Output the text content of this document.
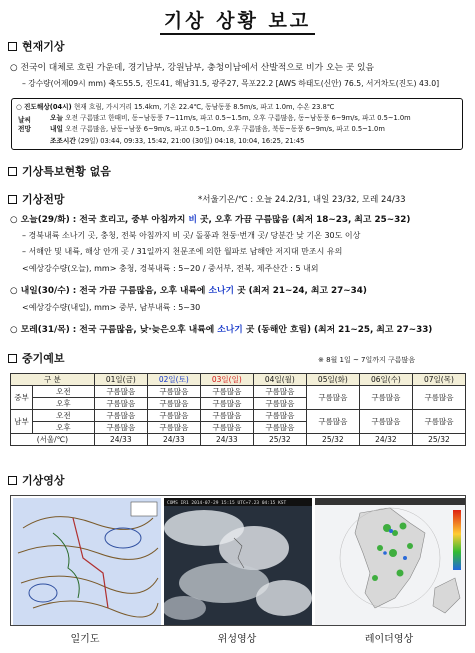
기상 상황 보고
현재기상
○ 전국이 대체로 흐린 가운데, 경기남부, 강원남부, 충청이남에서 산발적으로 비가 오는 곳 있음
– 강수량(어제09시 mm) 축도55.5, 진도41, 해남31.5, 광주27, 목포22.2 [AWS 하태도(신안) 76.5, 서거차도(진도) 43.0]
○ 진도해상(04시) 현재 흐림, 가시거리 15.4km, 기온 22.4℃, 동남동풍 8.5m/s, 파고 1.0m, 수온 23.8℃
날씨
전망
오늘 오전 구름많고 한때비, 동~남동풍 7~11m/s, 파고 0.5~1.5m, 오후 구름많음, 동~남동풍 6~9m/s, 파고 0.5~1.0m
내일 오전 구름많음, 남동~남풍 6~9m/s, 파고 0.5~1.0m, 오후 구름많음, 북동~동풍 6~9m/s, 파고 0.5~1.0m
조조시간 (29일) 03:44, 09:33, 15:42, 21:00 (30일) 04:18, 10:04, 16:25, 21:45
기상특보현황 없음
기상전망	*서울기온/℃ : 오늘 24.2/31, 내일 23/32, 모레 24/33
○ 오늘(29/화) : 전국 흐리고, 중부 아침까지 비 곳, 오후 가끔 구름많음 (최저 18~23, 최고 25~32)
– 경북내륙 소나기 곳, 충청, 전북 아침까지 비 곳/ 돌풍과 천둥·번개 곳/ 당분간 낮 기온 30도 이상
– 서해안 및 내륙, 해상 안개 곳 / 31일까지 천문조에 의한 월파로 남해안 저지대 만조시 유의
<예상강수량(오늘), mm> 충청, 경북내륙 : 5~20 / 중서부, 전북, 제주산간 : 5 내외
○ 내일(30/수) : 전국 가끔 구름많음, 오후 내륙에 소나기 곳 (최저 21~24, 최고 27~34)
<예상강수량(내일), mm> 중부, 남부내륙 : 5~30
○ 모레(31/목) : 전국 구름많음, 낮·늦은오후 내륙에 소나기 곳 (동해안 흐림) (최저 21~25, 최고 27~33)
중기예보	※ 8월 1일 ~ 7일까지 구름많음
구 분		01일(금)	02일(토)	03일(일)	04일(월)	05일(화)	06일(수)	07일(목)
중부	오전	구름많음	구름많음	구름많음	구름많음	구름많음	구름많음	구름많음
	오후	구름많음	구름많음	구름많음	구름많음			
남부	오전	구름많음	구름많음	구름많음	구름많음	구름많음	구름많음	구름많음
	오후	구름많음	구름많음	구름많음	구름많음			
(서울/℃)		24/33	24/33	24/33	25/32	25/32	24/32	25/32
기상영상
COMS IR1 2014-07-29 15:15 UTC+7.23 04:15 KST
일기도	위성영상	레이더영상
